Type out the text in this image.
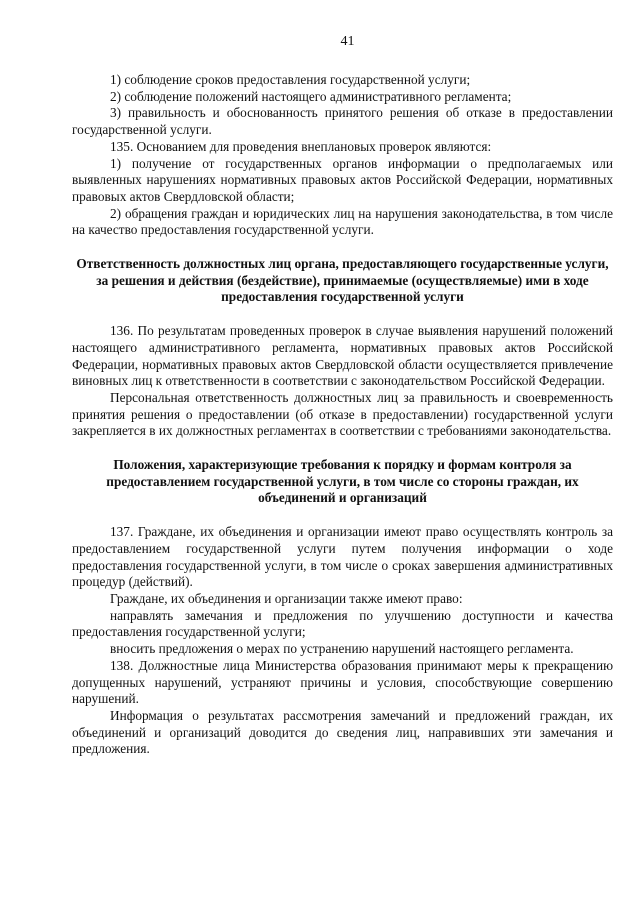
41

1) соблюдение сроков предоставления государственной услуги;

2) соблюдение положений настоящего административного регламента;

3) правильность и обоснованность принятого решения об отказе в предоставлении государственной услуги.

135. Основанием для проведения внеплановых проверок являются:

1) получение от государственных органов информации о предполагаемых или выявленных нарушениях нормативных правовых актов Российской Федерации, нормативных правовых актов Свердловской области;

2) обращения граждан и юридических лиц на нарушения законодательства, в том числе на качество предоставления государственной услуги.

Ответственность должностных лиц органа, предоставляющего государственные услуги, за решения и действия (бездействие), принимаемые (осуществляемые) ими в ходе предоставления государственной услуги

136. По результатам проведенных проверок в случае выявления нарушений положений настоящего административного регламента, нормативных правовых актов Российской Федерации, нормативных правовых актов Свердловской области осуществляется привлечение виновных лиц к ответственности в соответствии с законодательством Российской Федерации.

Персональная ответственность должностных лиц за правильность и своевременность принятия решения о предоставлении (об отказе в предоставлении) государственной услуги закрепляется в их должностных регламентах в соответствии с требованиями законодательства.

Положения, характеризующие требования к порядку и формам контроля за предоставлением государственной услуги, в том числе со стороны граждан, их объединений и организаций

137. Граждане, их объединения и организации имеют право осуществлять контроль за предоставлением государственной услуги путем получения информации о ходе предоставления государственной услуги, в том числе о сроках завершения административных процедур (действий).

Граждане, их объединения и организации также имеют право:

направлять замечания и предложения по улучшению доступности и качества предоставления государственной услуги;

вносить предложения о мерах по устранению нарушений настоящего регламента.

138. Должностные лица Министерства образования принимают меры к прекращению допущенных нарушений, устраняют причины и условия, способствующие совершению нарушений.

Информация о результатах рассмотрения замечаний и предложений граждан, их объединений и организаций доводится до сведения лиц, направивших эти замечания и предложения.
